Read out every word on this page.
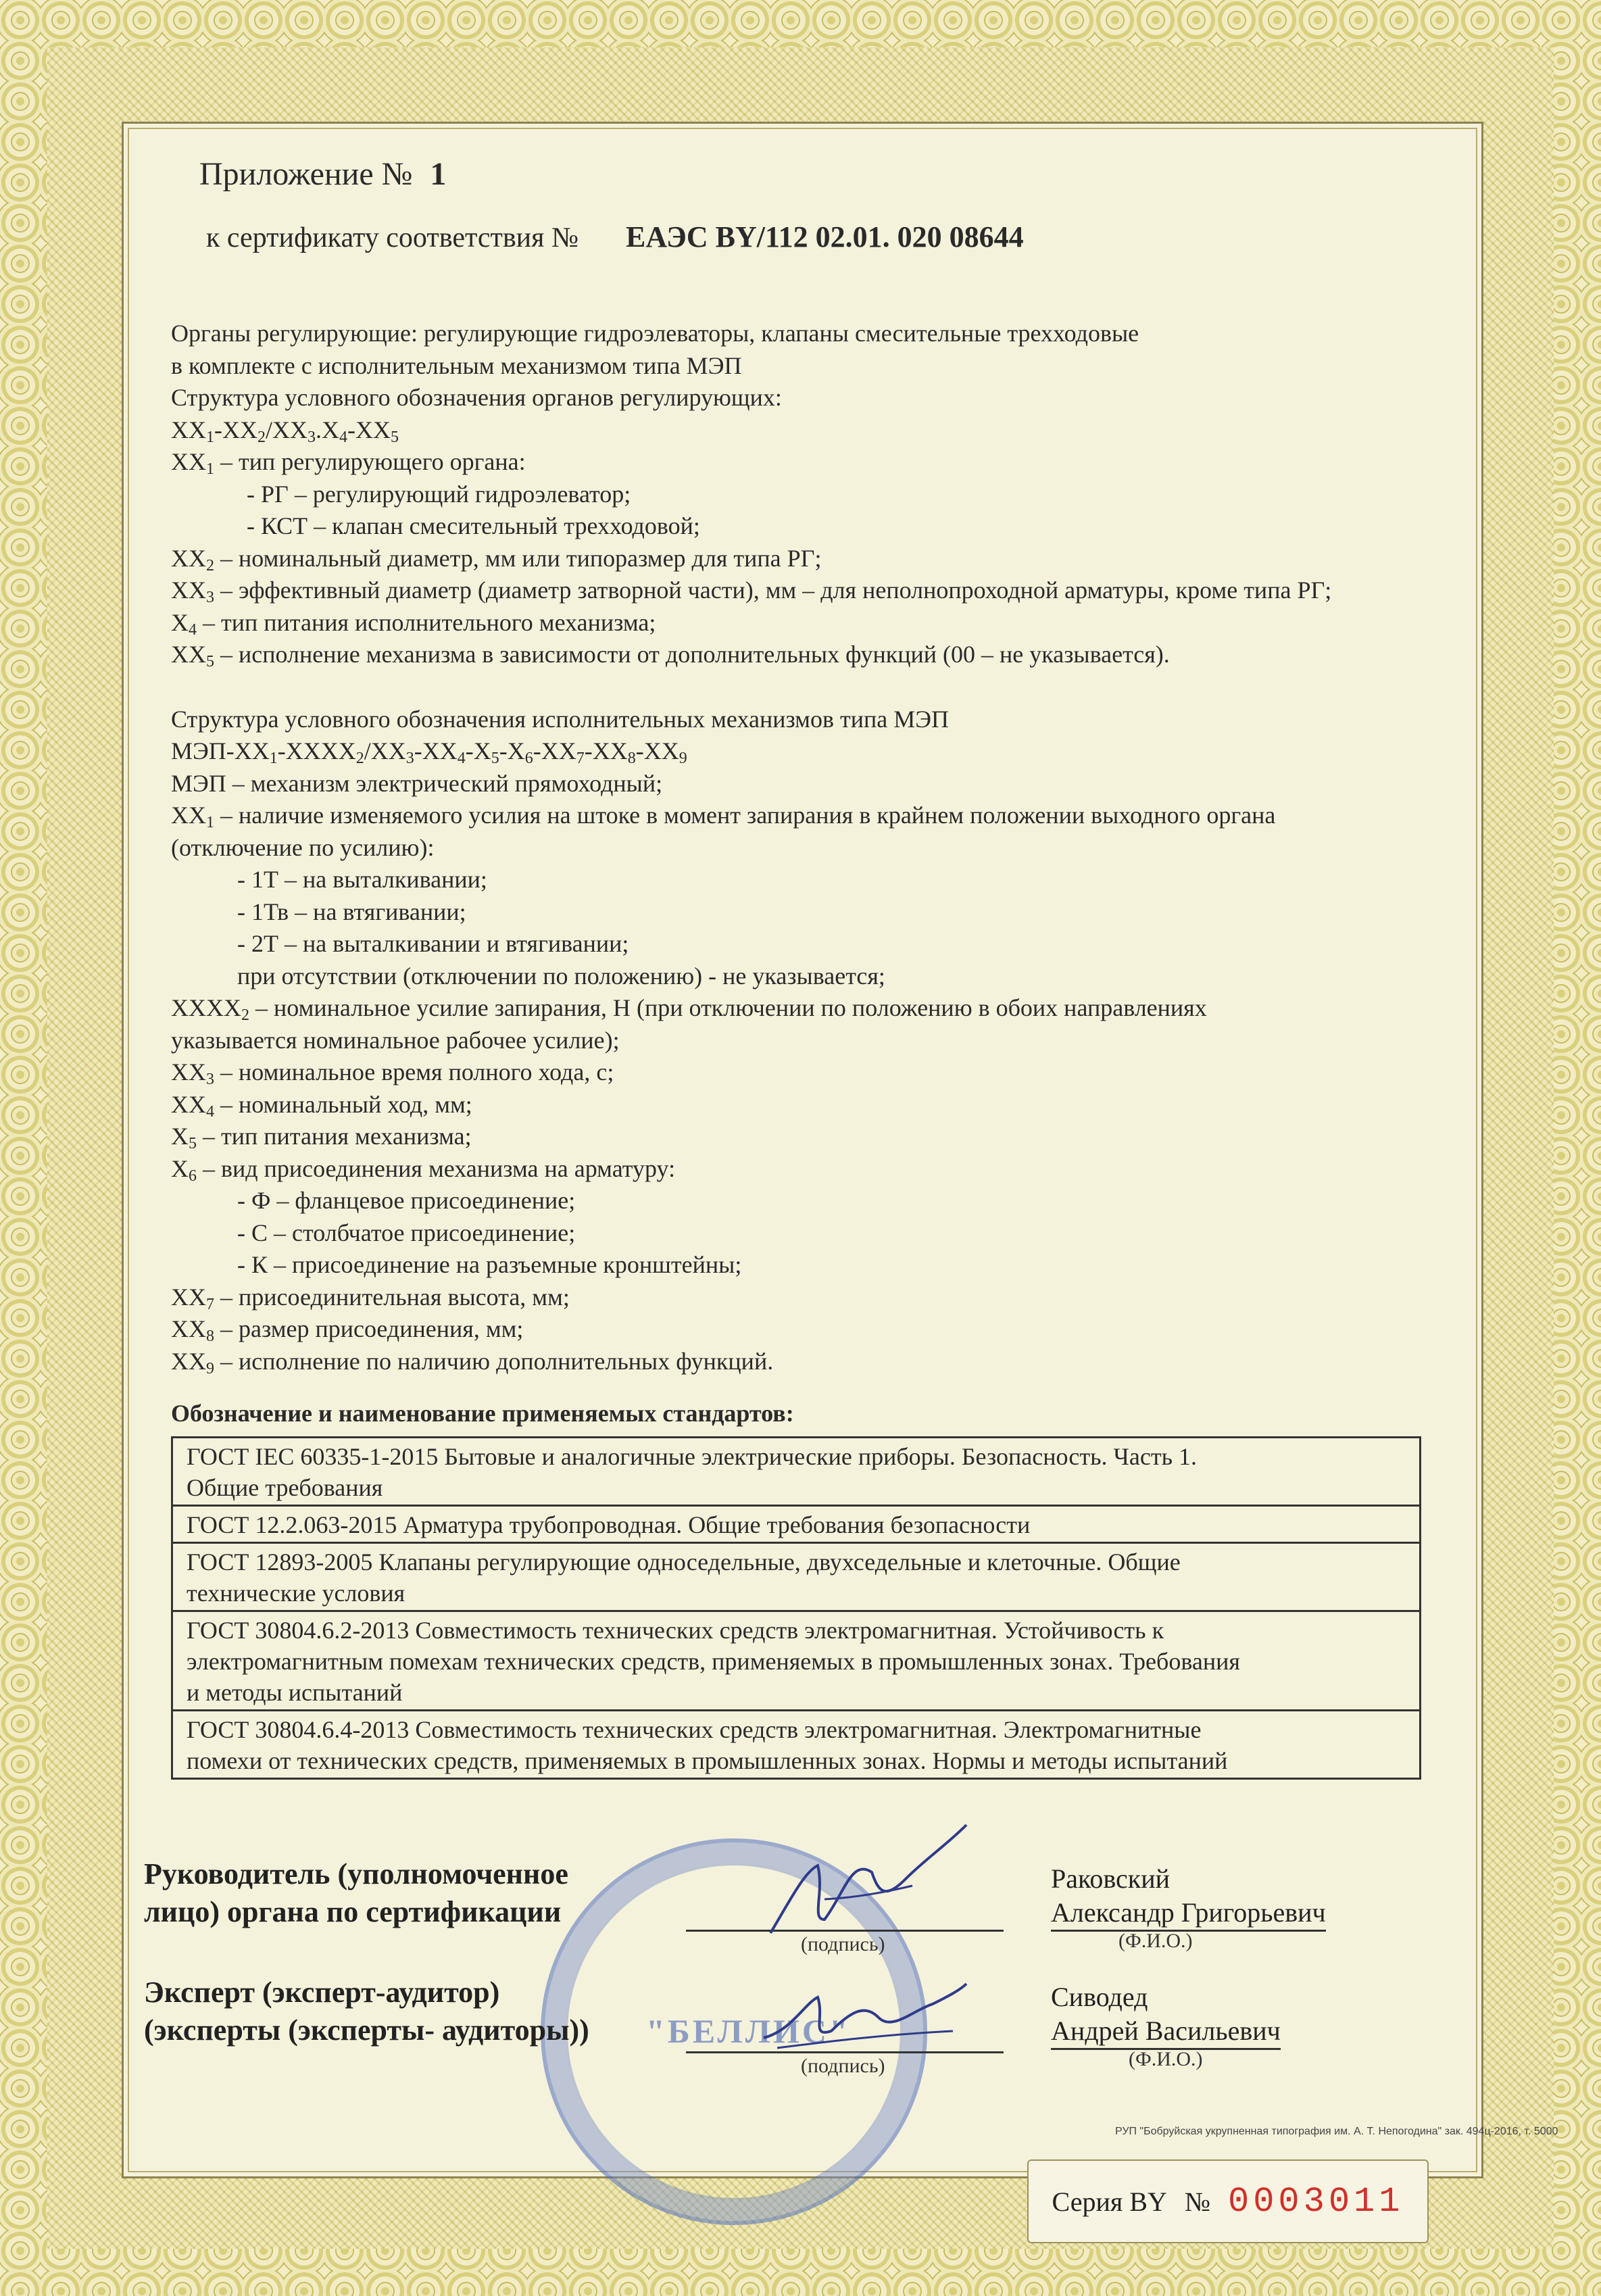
Приложение № 1
к сертификату соответствия № ЕАЭС BY/112 02.01. 020 08644
Органы регулирующие: регулирующие гидроэлеваторы, клапаны смесительные трехходовые
в комплекте с исполнительным механизмом типа МЭП
Структура условного обозначения органов регулирующих:
$XX_1-XX_2/XX_3.X_4-XX_5$
$XX_1$ – тип регулирующего органа:
- РГ – регулирующий гидроэлеватор;
- КСТ – клапан смесительный трехходовой;
$XX_2$ – номинальный диаметр, мм или типоразмер для типа РГ;
$XX_3$ – эффективный диаметр (диаметр затворной части), мм – для неполнопроходной арматуры, кроме типа РГ;
$X_4$ – тип питания исполнительного механизма;
$XX_5$ – исполнение механизма в зависимости от дополнительных функций (00 – не указывается).
Структура условного обозначения исполнительных механизмов типа МЭП
МЭП-$XX_1-XXXX_2/XX_3-XX_4-X_5-X_6-XX_7-XX_8-XX_9$
МЭП – механизм электрический прямоходный;
$XX_1$ – наличие изменяемого усилия на штоке в момент запирания в крайнем положении выходного органа
(отключение по усилию):
- 1Т – на выталкивании;
- 1Тв – на втягивании;
- 2Т – на выталкивании и втягивании;
при отсутствии (отключении по положению) - не указывается;
$XXXX_2$ – номинальное усилие запирания, Н (при отключении по положению в обоих направлениях
указывается номинальное рабочее усилие);
$XX_3$ – номинальное время полного хода, с;
$XX_4$ – номинальный ход, мм;
$X_5$ – тип питания механизма;
$X_6$ – вид присоединения механизма на арматуру:
- Ф – фланцевое присоединение;
- С – столбчатое присоединение;
- К – присоединение на разъемные кронштейны;
$XX_7$ – присоединительная высота, мм;
$XX_8$ – размер присоединения, мм;
$XX_9$ – исполнение по наличию дополнительных функций.
Обозначение и наименование применяемых стандартов:
ГОСТ IEC 60335-1-2015 Бытовые и аналогичные электрические приборы. Безопасность. Часть 1.
Общие требования

ГОСТ 12.2.063-2015 Арматура трубопроводная. Общие требования безопасности

ГОСТ 12893-2005 Клапаны регулирующие односедельные, двухседельные и клеточные. Общие
технические условия

ГОСТ 30804.6.2-2013 Совместимость технических средств электромагнитная. Устойчивость к
электромагнитным помехам технических средств, применяемых в промышленных зонах. Требования
и методы испытаний

ГОСТ 30804.6.4-2013 Совместимость технических средств электромагнитная. Электромагнитные
помехи от технических средств, применяемых в промышленных зонах. Нормы и методы испытаний
"БЕЛЛИС"
Руководитель (уполномоченное
лицо) органа по сертификации
(подпись)
Раковский
Александр Григорьевич
(Ф.И.О.)
Эксперт (эксперт-аудитор)
(эксперты (эксперты- аудиторы))
(подпись)
Сиводед
Андрей Васильевич
(Ф.И.О.)
РУП "Бобруйская укрупненная типография им. А. Т. Непогодина" зак. 494ц-2016, т. 5000
Серия BY № 0003011
